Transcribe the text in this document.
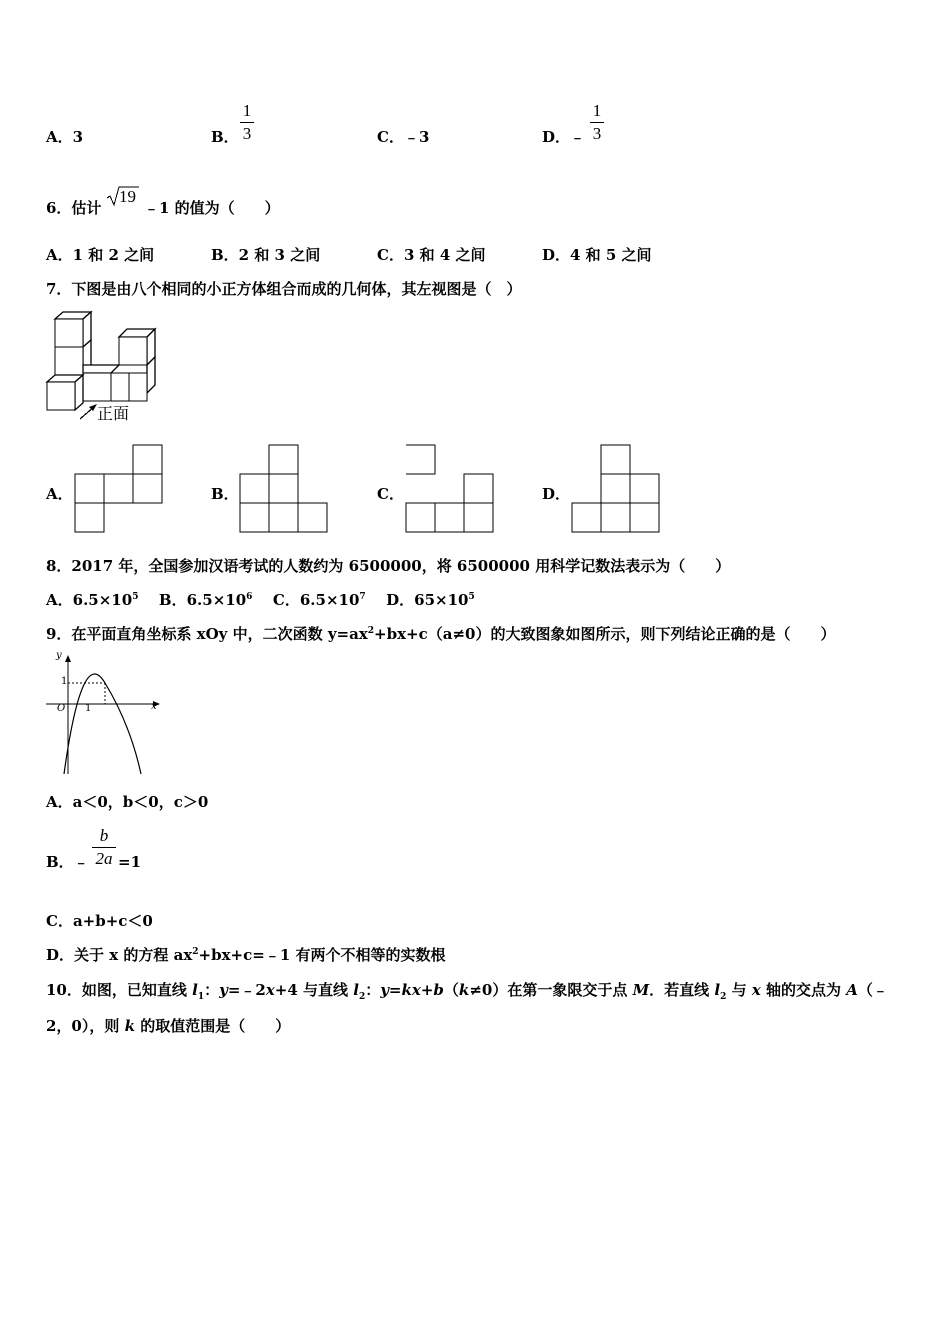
A．3	B．
1
3	C．﹣3	D．﹣
1
3
6．估计
19
﹣1 的值为（　　）
A．1 和 2 之间	B．2 和 3 之间	C．3 和 4 之间	D．4 和 5 之间
7．下图是由八个相同的小正方体组合而成的几何体，其左视图是（　）
正面
A．	B．	C．	D．
8．2017 年，全国参加汉语考试的人数约为 6500000，将 6500000 用科学记数法表示为（　　）
A．$6.5\times 10^5$ B．$6.5\times 10^6$ C．$6.5\times 10^7$ D．$65\times 10^5$
9．在平面直角坐标系 xOy 中，二次函数 $y=ax^2+bx+c(a\ne 0)$的大致图象如图所示，则下列结论正确的是（　　）
y
x
O
1
1
A．a＜0，b＜0，c＞0
B．﹣
b
2a =1
C．a+b+c＜0
D．关于 x 的方程 $ax^2+bx+c=﹣1$ 有两个不相等的实数根
10．如图，已知直线 $l_1$：y=﹣2x+4 与直线 $l_2$：y=kx+b（k≠0）在第一象限交于点 M．若直线 $l_2$ 与 x 轴的交点为 A（﹣
2，0），则 k 的取值范围是（　　）
